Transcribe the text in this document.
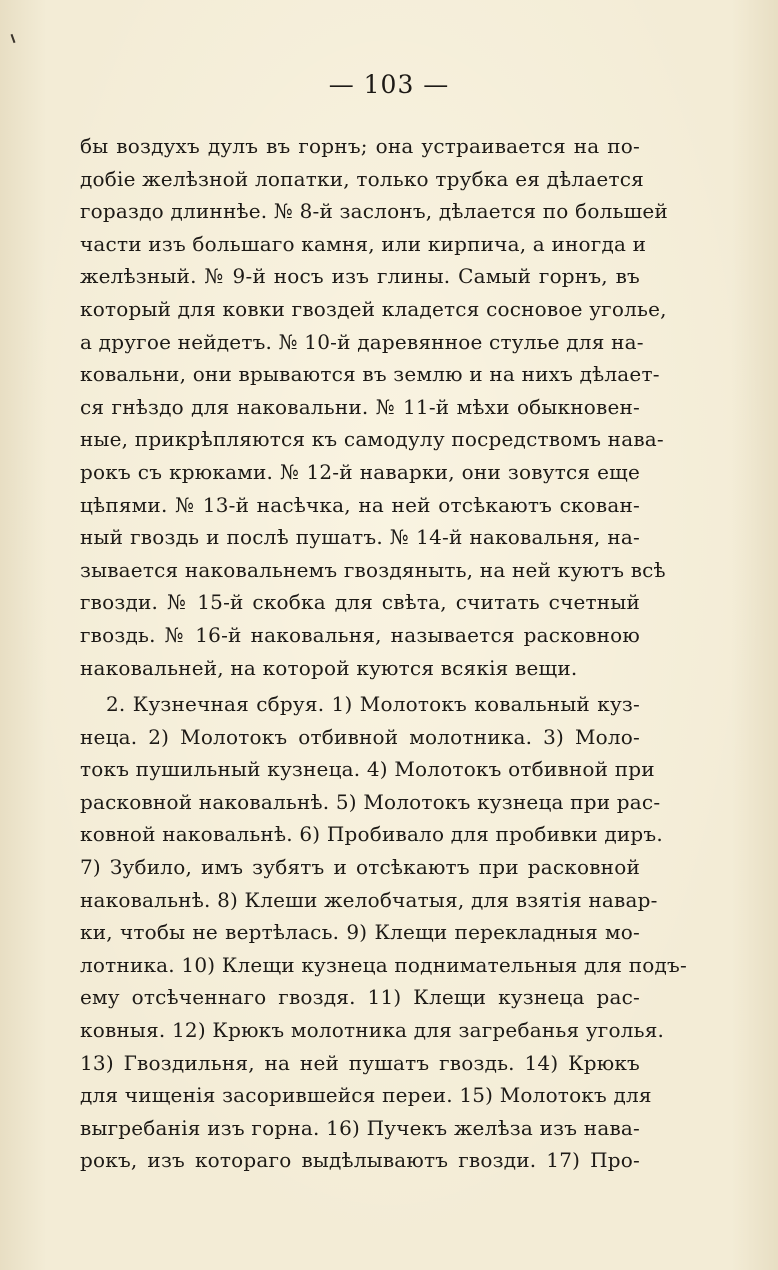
— 103 —
бы воздухъ дулъ въ горнъ; она устраивается на по-
добіе желѣзной лопатки, только трубка ея дѣлается
гораздо длиннѣе. № 8-й заслонъ, дѣлается по большей
части изъ большаго камня, или кирпича, а иногда и
желѣзный. № 9-й носъ изъ глины. Самый горнъ, въ
который для ковки гвоздей кладется сосновое уголье,
а другое нейдетъ. № 10-й даревянное стулье для на-
ковальни, они врываются въ землю и на нихъ дѣлает-
ся гнѣздо для наковальни. № 11-й мѣхи обыкновен-
ные, прикрѣпляются къ самодулу посредствомъ нава-
рокъ съ крюками. № 12-й наварки, они зовутся еще
цѣпями. № 13-й насѣчка, на ней отсѣкаютъ скован-
ный гвоздь и послѣ пушатъ. № 14-й наковальня, на-
зывается наковальнемъ гвоздяныть, на ней куютъ всѣ
гвозди. № 15-й скобка для свѣта, считать счетный
гвоздь. № 16-й наковальня, называется расковною
наковальней, на которой куются всякія вещи.
2. Кузнечная сбруя. 1) Молотокъ ковальный куз-
неца. 2) Молотокъ отбивной молотника. 3) Моло-
токъ пушильный кузнеца. 4) Молотокъ отбивной при
расковной наковальнѣ. 5) Молотокъ кузнеца при рас-
ковной наковальнѣ. 6) Пробивало для пробивки диръ.
7) Зубило, имъ зубятъ и отсѣкаютъ при расковной
наковальнѣ. 8) Клеши желобчатыя, для взятія навар-
ки, чтобы не вертѣлась. 9) Клещи перекладныя мо-
лотника. 10) Клещи кузнеца поднимательныя для подъ-
ему отсѣченнаго гвоздя. 11) Клещи кузнеца рас-
ковныя. 12) Крюкъ молотника для загребанья уголья.
13) Гвоздильня, на ней пушатъ гвоздь. 14) Крюкъ
для чищенія засорившейся переи. 15) Молотокъ для
выгребанія изъ горна. 16) Пучекъ желѣза изъ нава-
рокъ, изъ котораго выдѣлываютъ гвозди. 17) Про-
